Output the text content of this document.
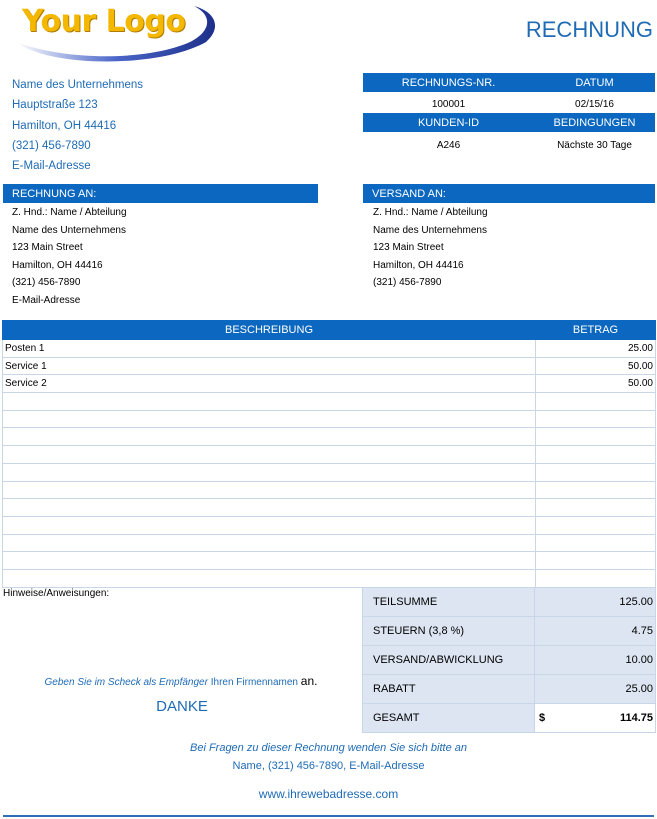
Your Logo	RECHNUNG
Name des Unternehmens
Hauptstraße 123
Hamilton, OH 44416
(321) 456-7890
E-Mail-Adresse
RECHNUNGS-NR.	DATUM
100001	02/15/16
KUNDEN-ID	BEDINGUNGEN
A246	Nächste 30 Tage
RECHNUNG AN:
Z. Hnd.: Name / Abteilung
Name des Unternehmens
123 Main Street
Hamilton, OH 44416
(321) 456-7890
E-Mail-Adresse
VERSAND AN:
Z. Hnd.: Name / Abteilung
Name des Unternehmens
123 Main Street
Hamilton, OH 44416
(321) 456-7890
BESCHREIBUNG	BETRAG
Posten 1	25.00
Service 1	50.00
Service 2	50.00

Hinweise/Anweisungen:
TEILSUMME	125.00	
STEUERN (3,8 %)	4.75	
VERSAND/ABWICKLUNG	10.00	
RABATT	25.00	
GESAMT	$	114.75
Geben Sie im Scheck als Empfänger Ihren Firmennamen an.
DANKE
Bei Fragen zu dieser Rechnung wenden Sie sich bitte an
Name, (321) 456-7890, E-Mail-Adresse
www.ihrewebadresse.com
